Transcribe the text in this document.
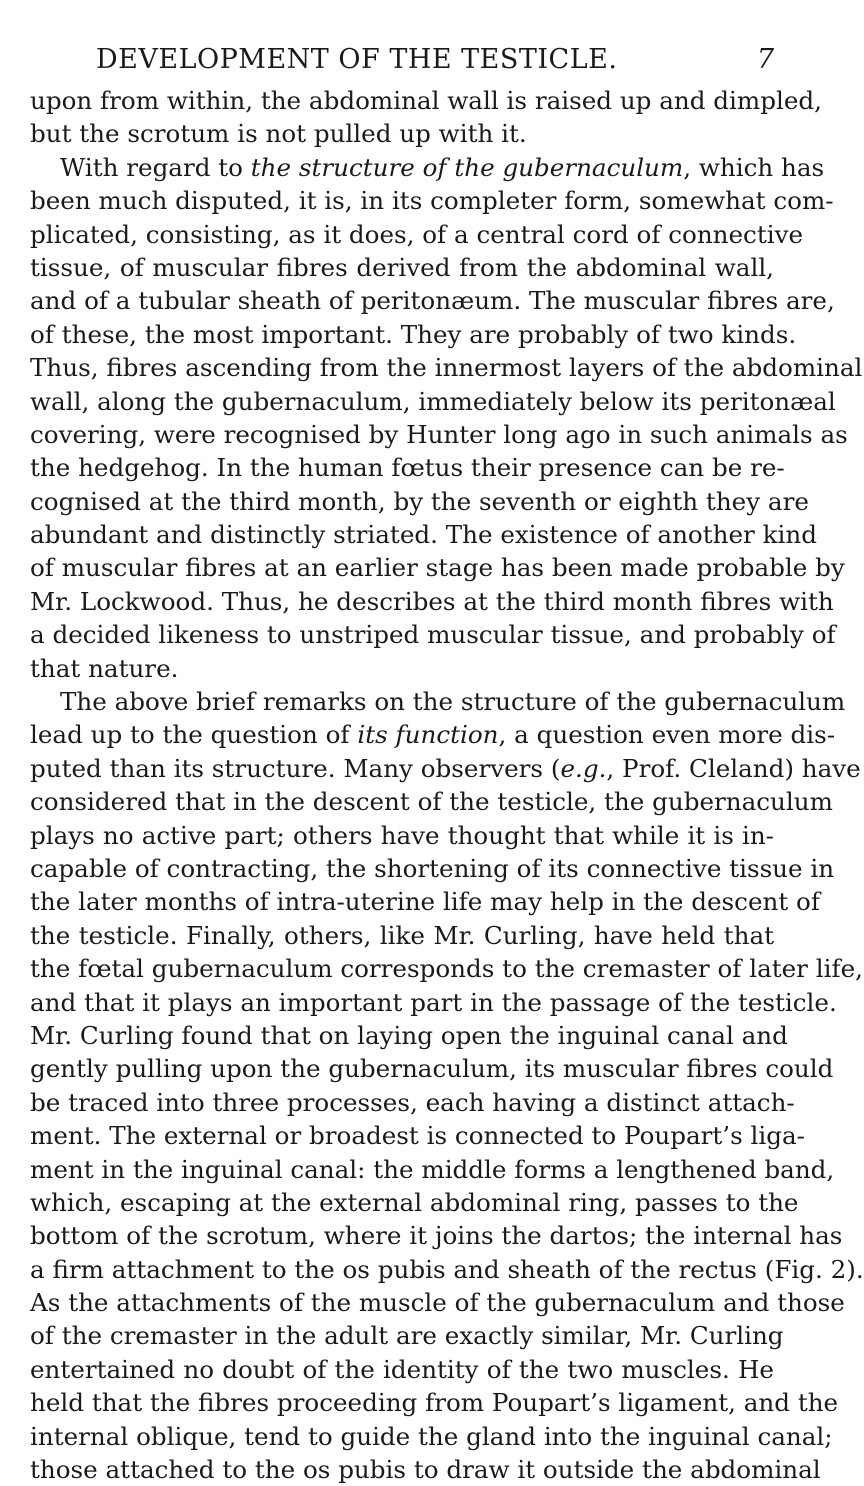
DEVELOPMENT OF THE TESTICLE.	7
upon from within, the abdominal wall is raised up and dimpled,
but the scrotum is not pulled up with it.
With regard to the structure of the gubernaculum, which has
been much disputed, it is, in its completer form, somewhat com-
plicated, consisting, as it does, of a central cord of connective
tissue, of muscular fibres derived from the abdominal wall,
and of a tubular sheath of peritonæum. The muscular fibres are,
of these, the most important. They are probably of two kinds.
Thus, fibres ascending from the innermost layers of the abdominal
wall, along the gubernaculum, immediately below its peritonæal
covering, were recognised by Hunter long ago in such animals as
the hedgehog. In the human fœtus their presence can be re-
cognised at the third month, by the seventh or eighth they are
abundant and distinctly striated. The existence of another kind
of muscular fibres at an earlier stage has been made probable by
Mr. Lockwood. Thus, he describes at the third month fibres with
a decided likeness to unstriped muscular tissue, and probably of
that nature.
The above brief remarks on the structure of the gubernaculum
lead up to the question of its function, a question even more dis-
puted than its structure. Many observers (e.g., Prof. Cleland) have
considered that in the descent of the testicle, the gubernaculum
plays no active part; others have thought that while it is in-
capable of contracting, the shortening of its connective tissue in
the later months of intra-uterine life may help in the descent of
the testicle. Finally, others, like Mr. Curling, have held that
the fœtal gubernaculum corresponds to the cremaster of later life,
and that it plays an important part in the passage of the testicle.
Mr. Curling found that on laying open the inguinal canal and
gently pulling upon the gubernaculum, its muscular fibres could
be traced into three processes, each having a distinct attach-
ment. The external or broadest is connected to Poupart’s liga-
ment in the inguinal canal: the middle forms a lengthened band,
which, escaping at the external abdominal ring, passes to the
bottom of the scrotum, where it joins the dartos; the internal has
a firm attachment to the os pubis and sheath of the rectus (Fig. 2).
As the attachments of the muscle of the gubernaculum and those
of the cremaster in the adult are exactly similar, Mr. Curling
entertained no doubt of the identity of the two muscles. He
held that the fibres proceeding from Poupart’s ligament, and the
internal oblique, tend to guide the gland into the inguinal canal;
those attached to the os pubis to draw it outside the abdominal
